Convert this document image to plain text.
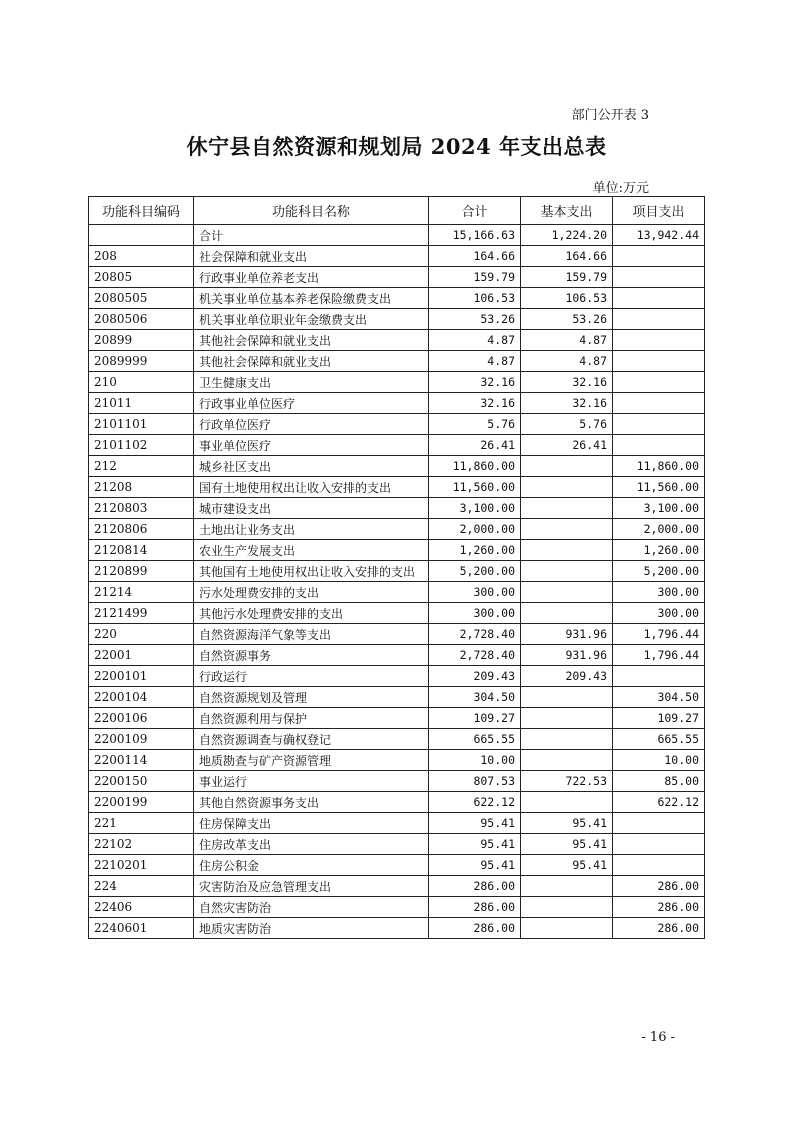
部门公开表 3
休宁县自然资源和规划局 2024 年支出总表
单位:万元
功能科目编码	功能科目名称	合计	基本支出	项目支出
	合计	15,166.63	1,224.20	13,942.44
208	社会保障和就业支出	164.66	164.66	
20805	行政事业单位养老支出	159.79	159.79	
2080505	机关事业单位基本养老保险缴费支出	106.53	106.53	
2080506	机关事业单位职业年金缴费支出	53.26	53.26	
20899	其他社会保障和就业支出	4.87	4.87	
2089999	其他社会保障和就业支出	4.87	4.87	
210	卫生健康支出	32.16	32.16	
21011	行政事业单位医疗	32.16	32.16	
2101101	行政单位医疗	5.76	5.76	
2101102	事业单位医疗	26.41	26.41	
212	城乡社区支出	11,860.00		11,860.00
21208	国有土地使用权出让收入安排的支出	11,560.00		11,560.00
2120803	城市建设支出	3,100.00		3,100.00
2120806	土地出让业务支出	2,000.00		2,000.00
2120814	农业生产发展支出	1,260.00		1,260.00
2120899	其他国有土地使用权出让收入安排的支出	5,200.00		5,200.00
21214	污水处理费安排的支出	300.00		300.00
2121499	其他污水处理费安排的支出	300.00		300.00
220	自然资源海洋气象等支出	2,728.40	931.96	1,796.44
22001	自然资源事务	2,728.40	931.96	1,796.44
2200101	行政运行	209.43	209.43	
2200104	自然资源规划及管理	304.50		304.50
2200106	自然资源利用与保护	109.27		109.27
2200109	自然资源调查与确权登记	665.55		665.55
2200114	地质勘查与矿产资源管理	10.00		10.00
2200150	事业运行	807.53	722.53	85.00
2200199	其他自然资源事务支出	622.12		622.12
221	住房保障支出	95.41	95.41	
22102	住房改革支出	95.41	95.41	
2210201	住房公积金	95.41	95.41	
224	灾害防治及应急管理支出	286.00		286.00
22406	自然灾害防治	286.00		286.00
2240601	地质灾害防治	286.00		286.00
- 16 -
